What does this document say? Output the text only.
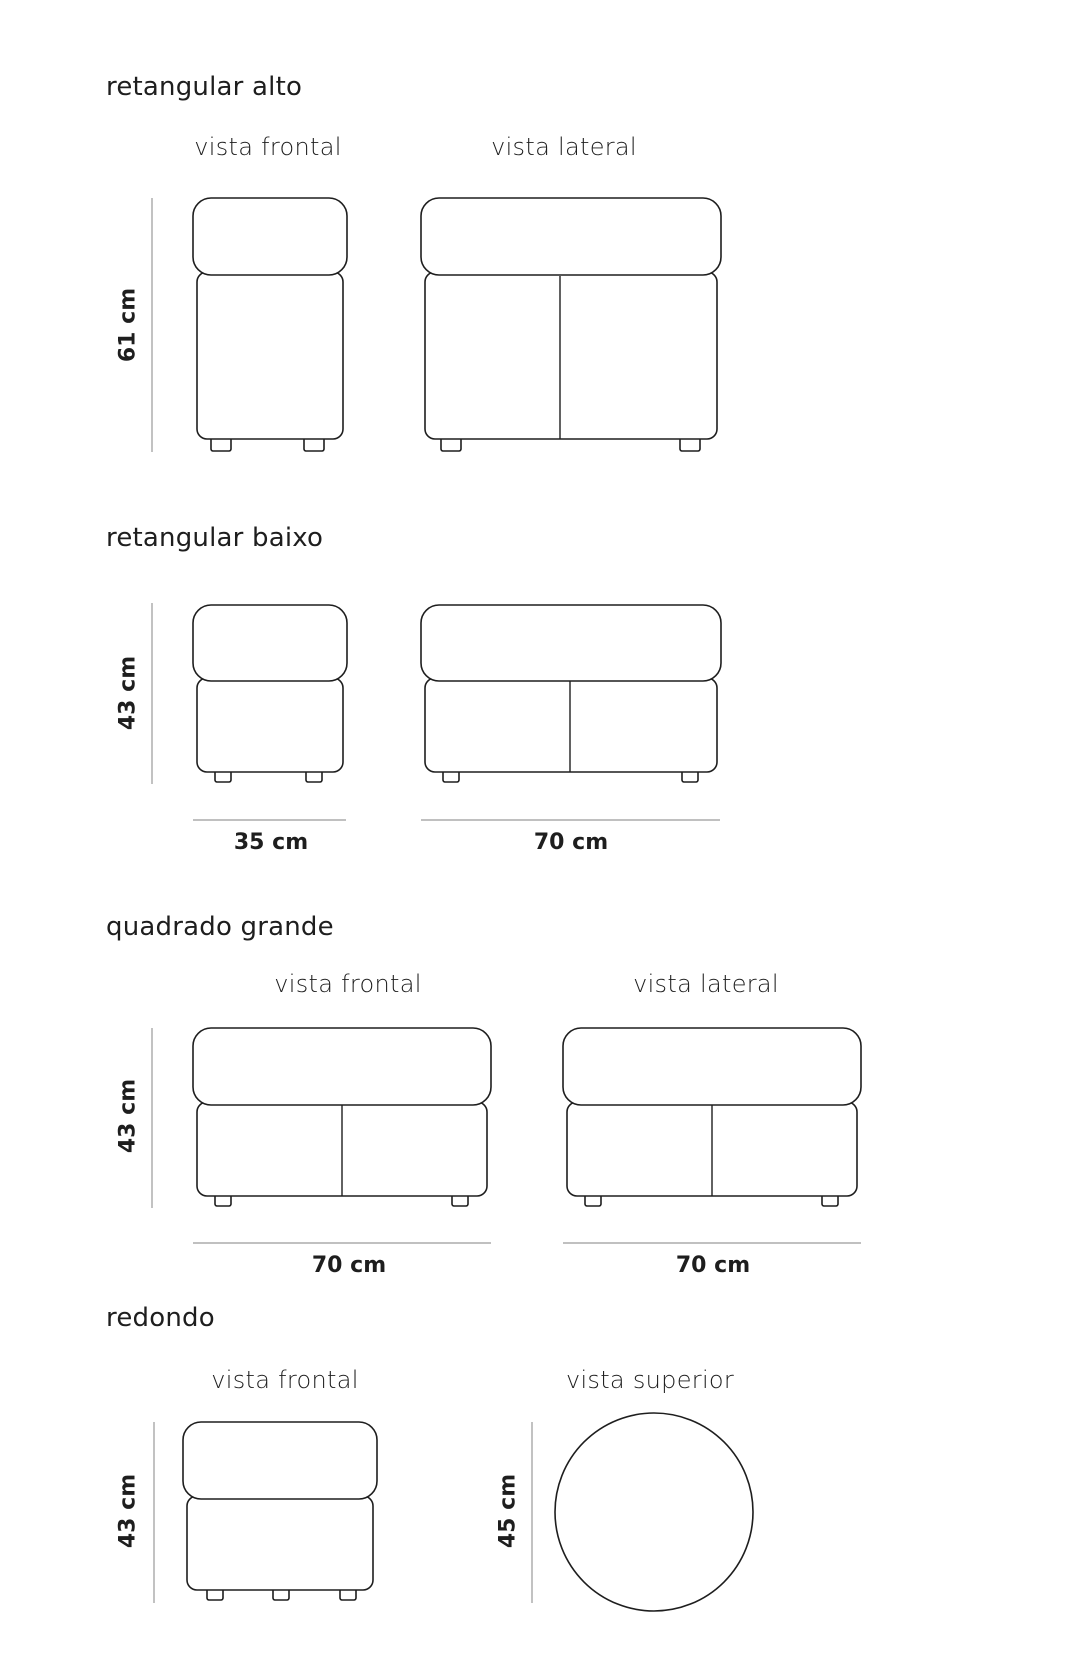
retangular alto
retangular baixo
quadrado grande
redondo
vista frontal	vista lateral
vista frontal	vista lateral
vista frontal	vista superior
61 cm
43 cm
43 cm
43 cm	45 cm
35 cm	70 cm
70 cm	70 cm
